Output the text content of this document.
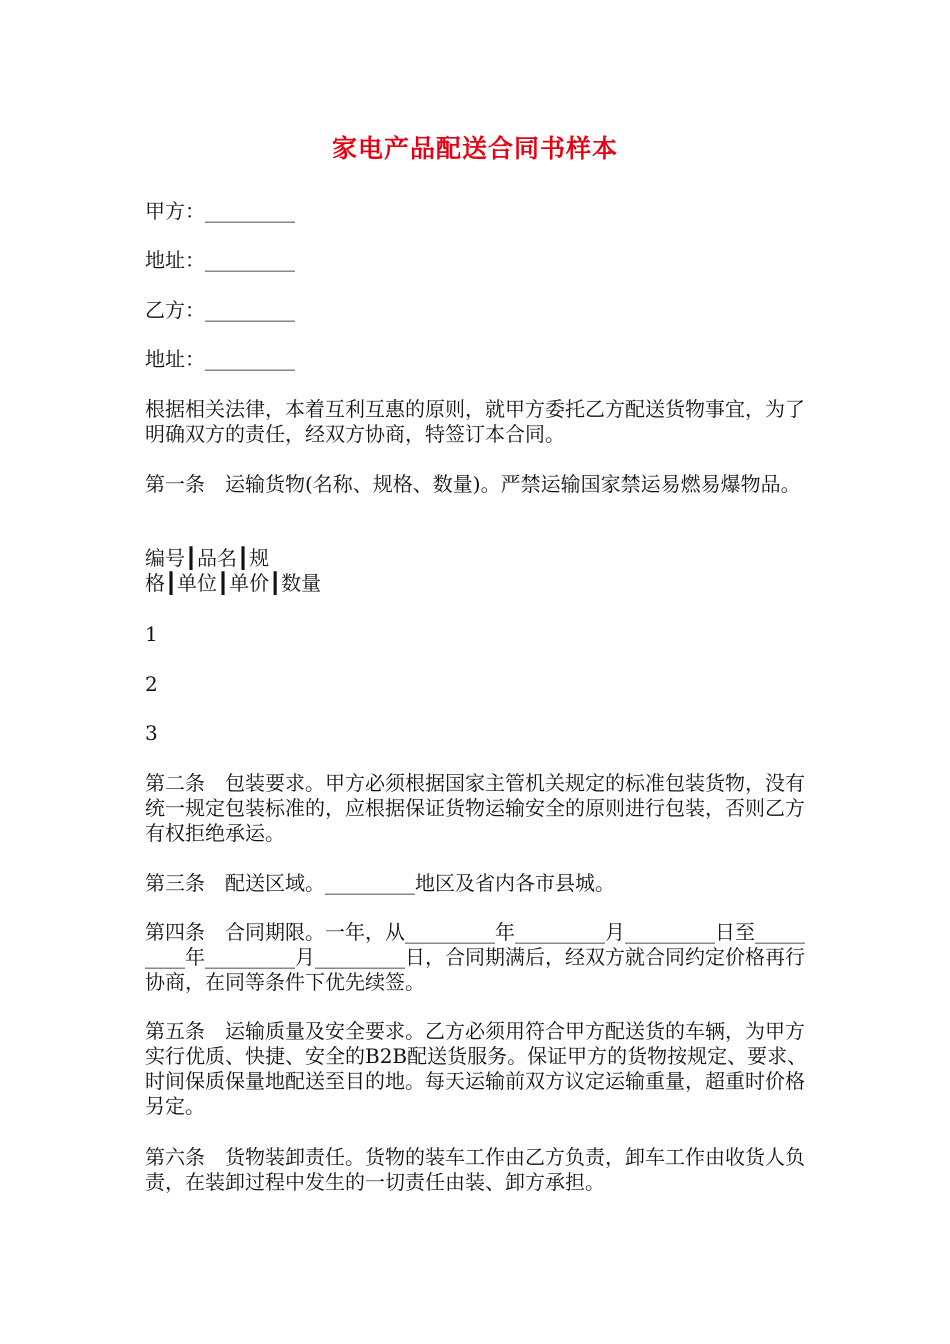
家电产品配送合同书样本

甲方：_________

地址：_________

乙方：_________

地址：_________

根据相关法律，本着互利互惠的原则，就甲方委托乙方配送货物事宜，为了明确双方的责任，经双方协商，特签订本合同。

第一条　运输货物(名称、规格、数量)。严禁运输国家禁运易燃易爆物品。

编号┃品名┃规

格┃单位┃单价┃数量

1

2

3

第二条　包装要求。甲方必须根据国家主管机关规定的标准包装货物，没有统一规定包装标准的，应根据保证货物运输安全的原则进行包装，否则乙方有权拒绝承运。

第三条　配送区域。_________地区及省内各市县城。

第四条　合同期限。一年，从_________年_________月_________日至_________年_________月_________日，合同期满后，经双方就合同约定价格再行协商，在同等条件下优先续签。

第五条　运输质量及安全要求。乙方必须用符合甲方配送货的车辆，为甲方实行优质、快捷、安全的B2B配送货服务。保证甲方的货物按规定、要求、时间保质保量地配送至目的地。每天运输前双方议定运输重量，超重时价格另定。

第六条　货物装卸责任。货物的装车工作由乙方负责，卸车工作由收货人负责，在装卸过程中发生的一切责任由装、卸方承担。
